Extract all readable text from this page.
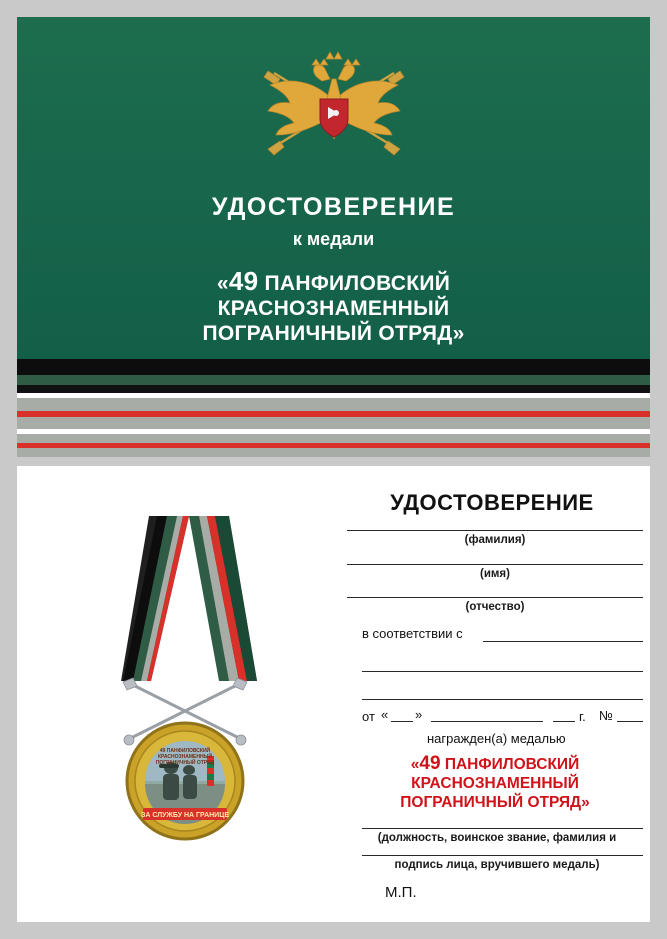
УДОСТОВЕРЕНИЕ
к медали
«49 ПАНФИЛОВСКИЙ
КРАСНОЗНАМЕННЫЙ
ПОГРАНИЧНЫЙ ОТРЯД»
49 ПАНФИЛОВСКИЙ
КРАСНОЗНАМЕННЫЙ
ПОГРАНИЧНЫЙ ОТРЯД
ЗА СЛУЖБУ НА ГРАНИЦЕ
УДОСТОВЕРЕНИЕ
(фамилия)
(имя)
(отчество)
в соответствии с
от « »	г. №
награжден(а) медалью
«49 ПАНФИЛОВСКИЙ
КРАСНОЗНАМЕННЫЙ
ПОГРАНИЧНЫЙ ОТРЯД»
(должность, воинское звание, фамилия и
подпись лица, вручившего медаль)
М.П.
